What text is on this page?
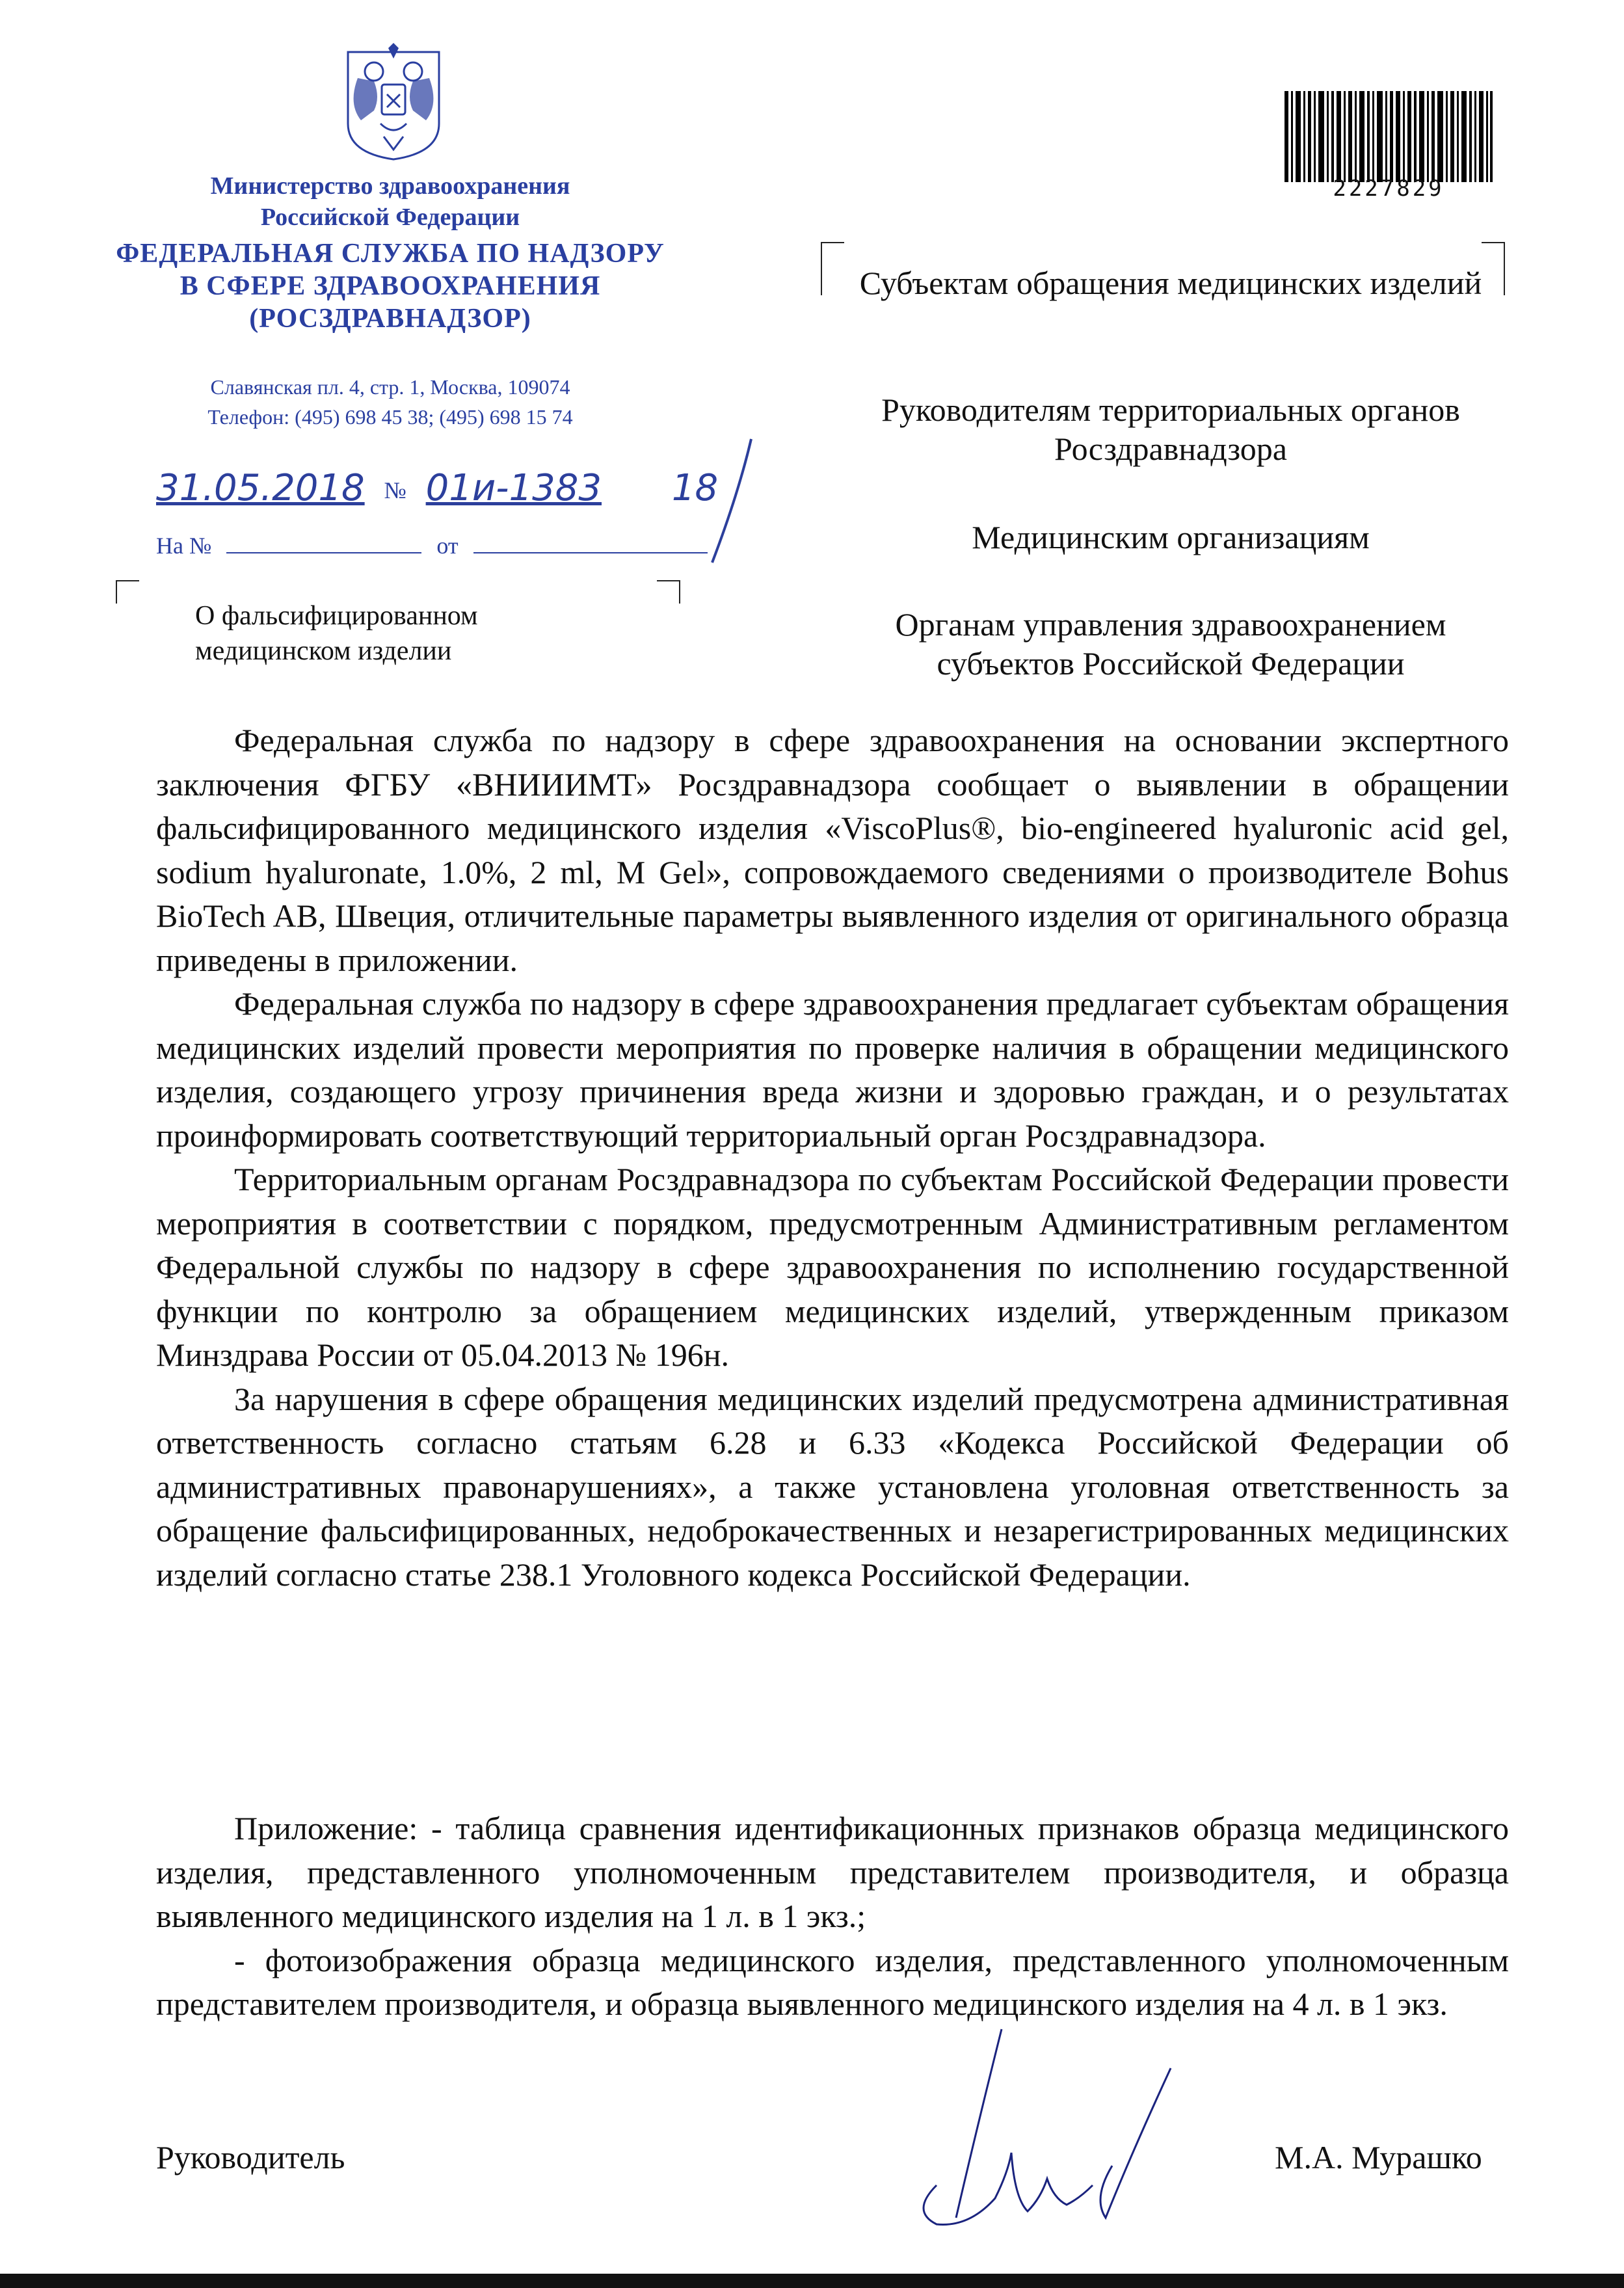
Министерство здравоохранения
Российской Федерации
ФЕДЕРАЛЬНАЯ СЛУЖБА ПО НАДЗОРУ
В СФЕРЕ ЗДРАВООХРАНЕНИЯ
(РОСЗДРАВНАДЗОР)
Славянская пл. 4, стр. 1, Москва, 109074
Телефон: (495) 698 45 38; (495) 698 15 74
31.05.2018 № 01и-1383 18
На №	от
О фальсифицированном медицинском изделии
2227829
Субъектам обращения медицинских изделий
Руководителям территориальных органов Росздравнадзора
Медицинским организациям
Органам управления здравоохранением субъектов Российской Федерации

Федеральная служба по надзору в сфере здравоохранения на основании экспертного заключения ФГБУ «ВНИИИМТ» Росздравнадзора сообщает о выявлении в обращении фальсифицированного медицинского изделия «ViscoPlus®, bio-engineered hyaluronic acid gel, sodium hyaluronate, 1.0%, 2 ml, M Gel», сопровождаемого сведениями о производителе Bohus BioTech AB, Швеция, отличительные параметры выявленного изделия от оригинального образца приведены в приложении.

Федеральная служба по надзору в сфере здравоохранения предлагает субъектам обращения медицинских изделий провести мероприятия по проверке наличия в обращении медицинского изделия, создающего угрозу причинения вреда жизни и здоровью граждан, и о результатах проинформировать соответствующий территориальный орган Росздравнадзора.

Территориальным органам Росздравнадзора по субъектам Российской Федерации провести мероприятия в соответствии с порядком, предусмотренным Административным регламентом Федеральной службы по надзору в сфере здравоохранения по исполнению государственной функции по контролю за обращением медицинских изделий, утвержденным приказом Минздрава России от 05.04.2013 № 196н.

За нарушения в сфере обращения медицинских изделий предусмотрена административная ответственность согласно статьям 6.28 и 6.33 «Кодекса Российской Федерации об административных правонарушениях», а также установлена уголовная ответственность за обращение фальсифицированных, недоброкачественных и незарегистрированных медицинских изделий согласно статье 238.1 Уголовного кодекса Российской Федерации.

Приложение: - таблица сравнения идентификационных признаков образца медицинского изделия, представленного уполномоченным представителем производителя, и образца выявленного медицинского изделия на 1 л. в 1 экз.;

- фотоизображения образца медицинского изделия, представленного уполномоченным представителем производителя, и образца выявленного медицинского изделия на 4 л. в 1 экз.

Руководитель	М.А. Мурашко
